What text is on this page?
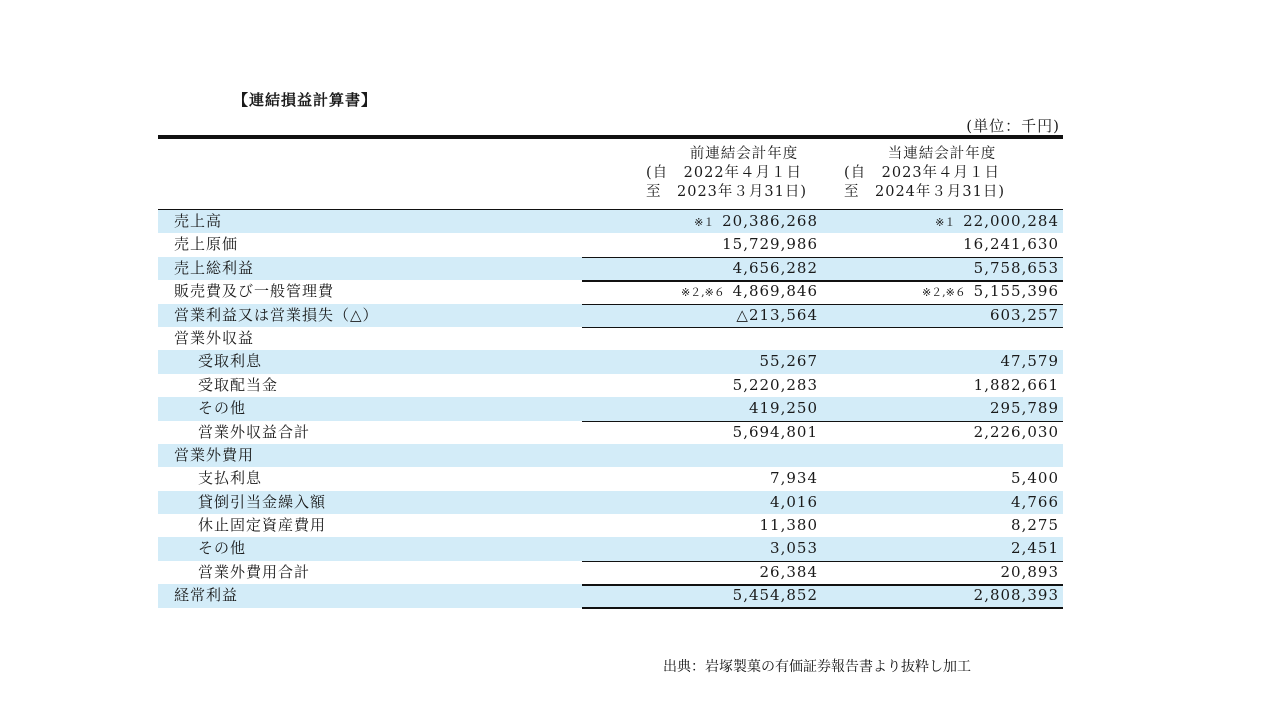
【連結損益計算書】
(単位：千円)
前連結会計年度
(自　2022年４月１日
至　2023年３月31日)
当連結会計年度
(自　2023年４月１日
至　2024年３月31日)
売上高	※１ 20,386,268	※１ 22,000,284
売上原価	15,729,986	16,241,630
売上総利益	4,656,282	5,758,653
販売費及び一般管理費	※２,※６ 4,869,846	※２,※６ 5,155,396
営業利益又は営業損失（△）	△213,564	603,257
営業外収益
受取利息	55,267	47,579
受取配当金	5,220,283	1,882,661
その他	419,250	295,789
営業外収益合計	5,694,801	2,226,030
営業外費用
支払利息	7,934	5,400
貸倒引当金繰入額	4,016	4,766
休止固定資産費用	11,380	8,275
その他	3,053	2,451
営業外費用合計	26,384	20,893
経常利益	5,454,852	2,808,393
出典：岩塚製菓の有価証券報告書より抜粋し加工
